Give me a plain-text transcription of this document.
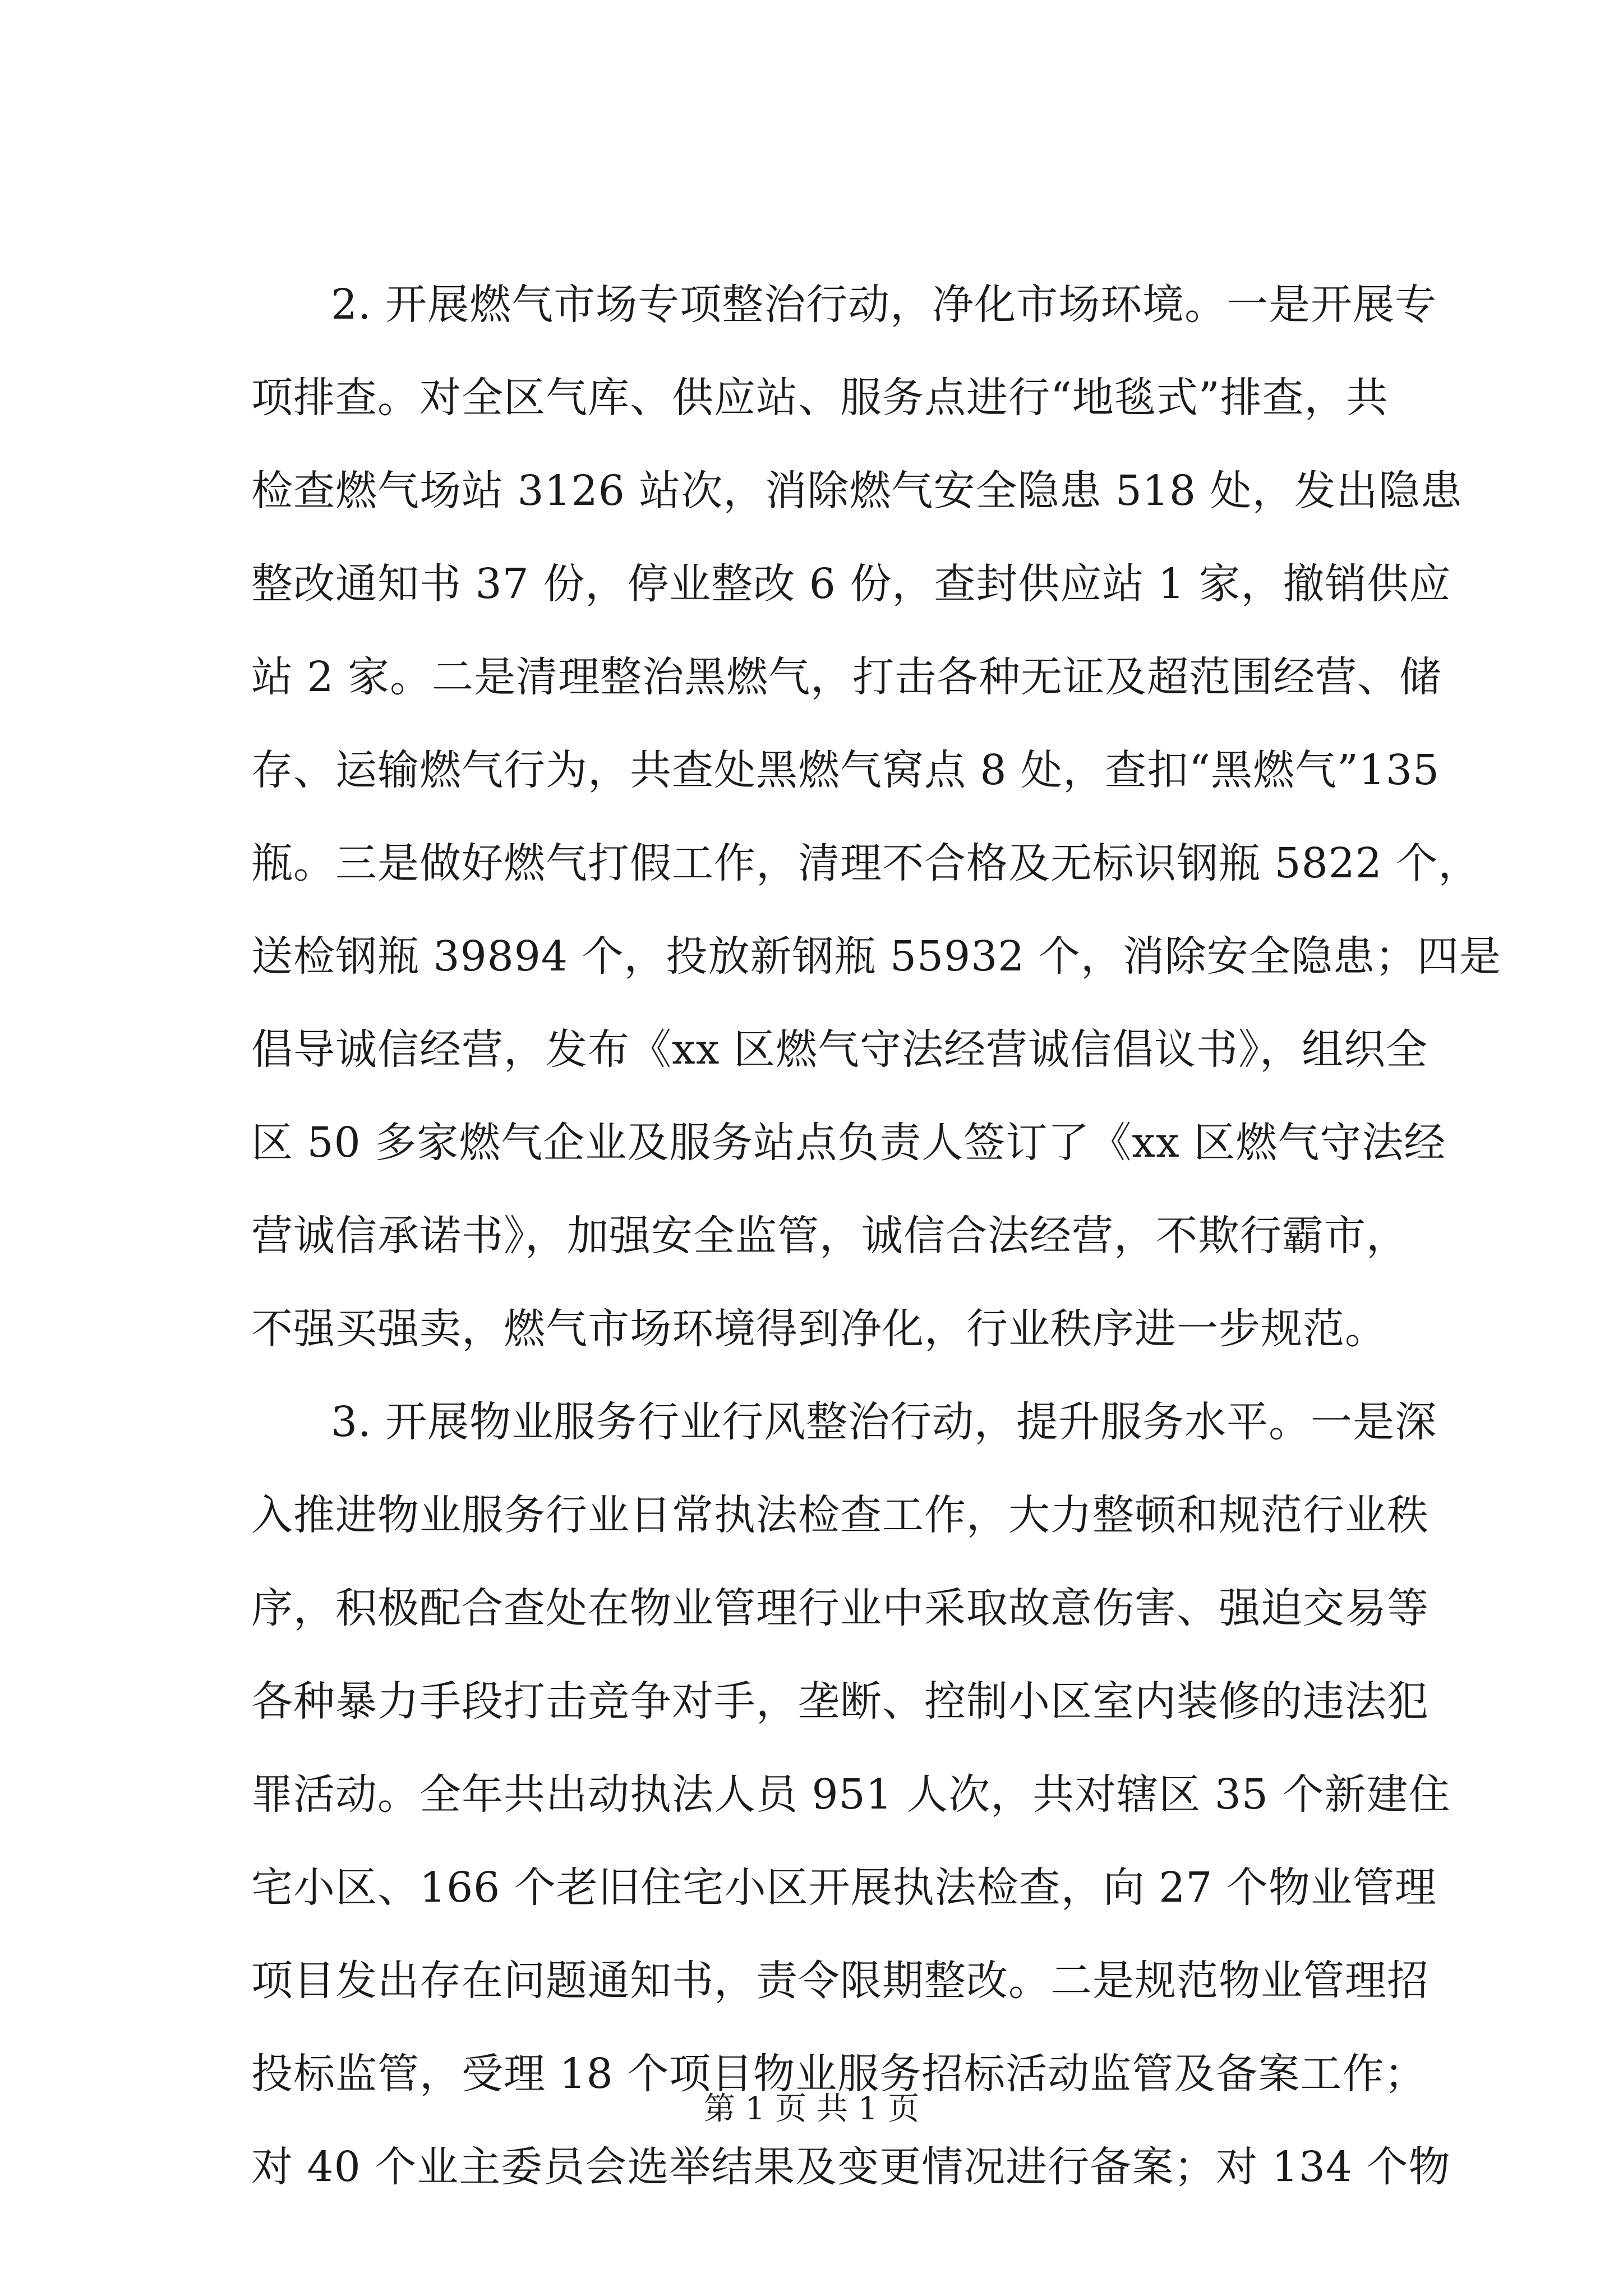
2. 开展燃气市场专项整治行动，净化市场环境。一是开展专
项排查。对全区气库、供应站、服务点进行“地毯式”排查，共
检查燃气场站 3126 站次，消除燃气安全隐患 518 处，发出隐患
整改通知书 37 份，停业整改 6 份，查封供应站 1 家，撤销供应
站 2 家。二是清理整治黑燃气，打击各种无证及超范围经营、储
存、运输燃气行为，共查处黑燃气窝点 8 处，查扣“黑燃气”135
瓶。三是做好燃气打假工作，清理不合格及无标识钢瓶 5822 个，
送检钢瓶 39894 个，投放新钢瓶 55932 个，消除安全隐患；四是
倡导诚信经营，发布《xx 区燃气守法经营诚信倡议书》，组织全
区 50 多家燃气企业及服务站点负责人签订了《xx 区燃气守法经
营诚信承诺书》，加强安全监管，诚信合法经营，不欺行霸市，
不强买强卖，燃气市场环境得到净化，行业秩序进一步规范。
3. 开展物业服务行业行风整治行动，提升服务水平。一是深
入推进物业服务行业日常执法检查工作，大力整顿和规范行业秩
序，积极配合查处在物业管理行业中采取故意伤害、强迫交易等
各种暴力手段打击竞争对手，垄断、控制小区室内装修的违法犯
罪活动。全年共出动执法人员 951 人次，共对辖区 35 个新建住
宅小区、166 个老旧住宅小区开展执法检查，向 27 个物业管理
项目发出存在问题通知书，责令限期整改。二是规范物业管理招
投标监管，受理 18 个项目物业服务招标活动监管及备案工作；
对 40 个业主委员会选举结果及变更情况进行备案；对 134 个物
第 1 页 共 1 页
